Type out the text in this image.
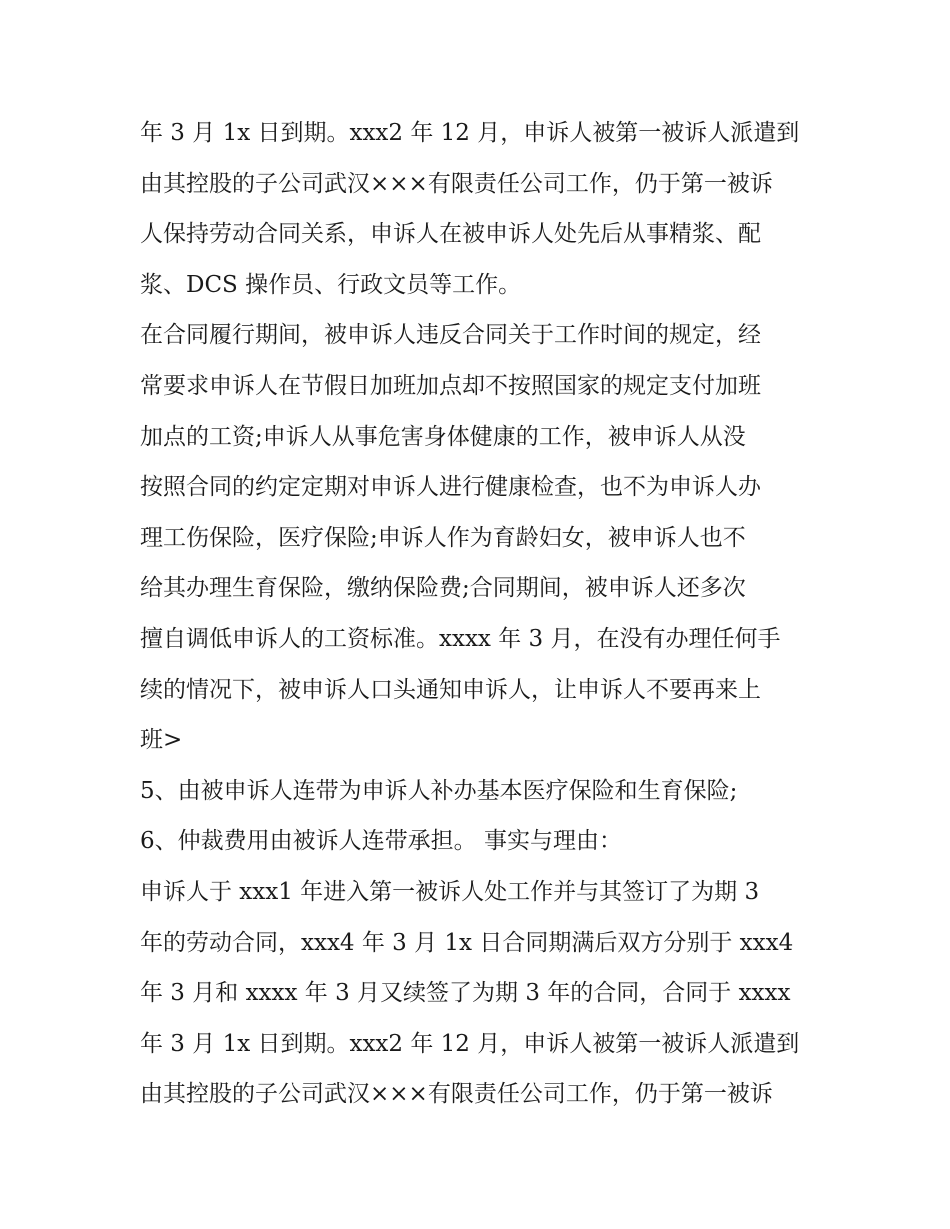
年 3 月 1x 日到期。xxx2 年 12 月，申诉人被第一被诉人派遣到
由其控股的子公司武汉×××有限责任公司工作，仍于第一被诉
人保持劳动合同关系，申诉人在被申诉人处先后从事精浆、配
浆、DCS 操作员、行政文员等工作。
在合同履行期间，被申诉人违反合同关于工作时间的规定，经
常要求申诉人在节假日加班加点却不按照国家的规定支付加班
加点的工资;申诉人从事危害身体健康的工作，被申诉人从没
按照合同的约定定期对申诉人进行健康检查，也不为申诉人办
理工伤保险，医疗保险;申诉人作为育龄妇女，被申诉人也不
给其办理生育保险，缴纳保险费;合同期间，被申诉人还多次
擅自调低申诉人的工资标准。xxxx 年 3 月，在没有办理任何手
续的情况下，被申诉人口头通知申诉人，让申诉人不要再来上
班>
5、由被申诉人连带为申诉人补办基本医疗保险和生育保险;
6、仲裁费用由被诉人连带承担。 事实与理由：
申诉人于 xxx1 年进入第一被诉人处工作并与其签订了为期 3
年的劳动合同，xxx4 年 3 月 1x 日合同期满后双方分别于 xxx4
年 3 月和 xxxx 年 3 月又续签了为期 3 年的合同，合同于 xxxx
年 3 月 1x 日到期。xxx2 年 12 月，申诉人被第一被诉人派遣到
由其控股的子公司武汉×××有限责任公司工作，仍于第一被诉
